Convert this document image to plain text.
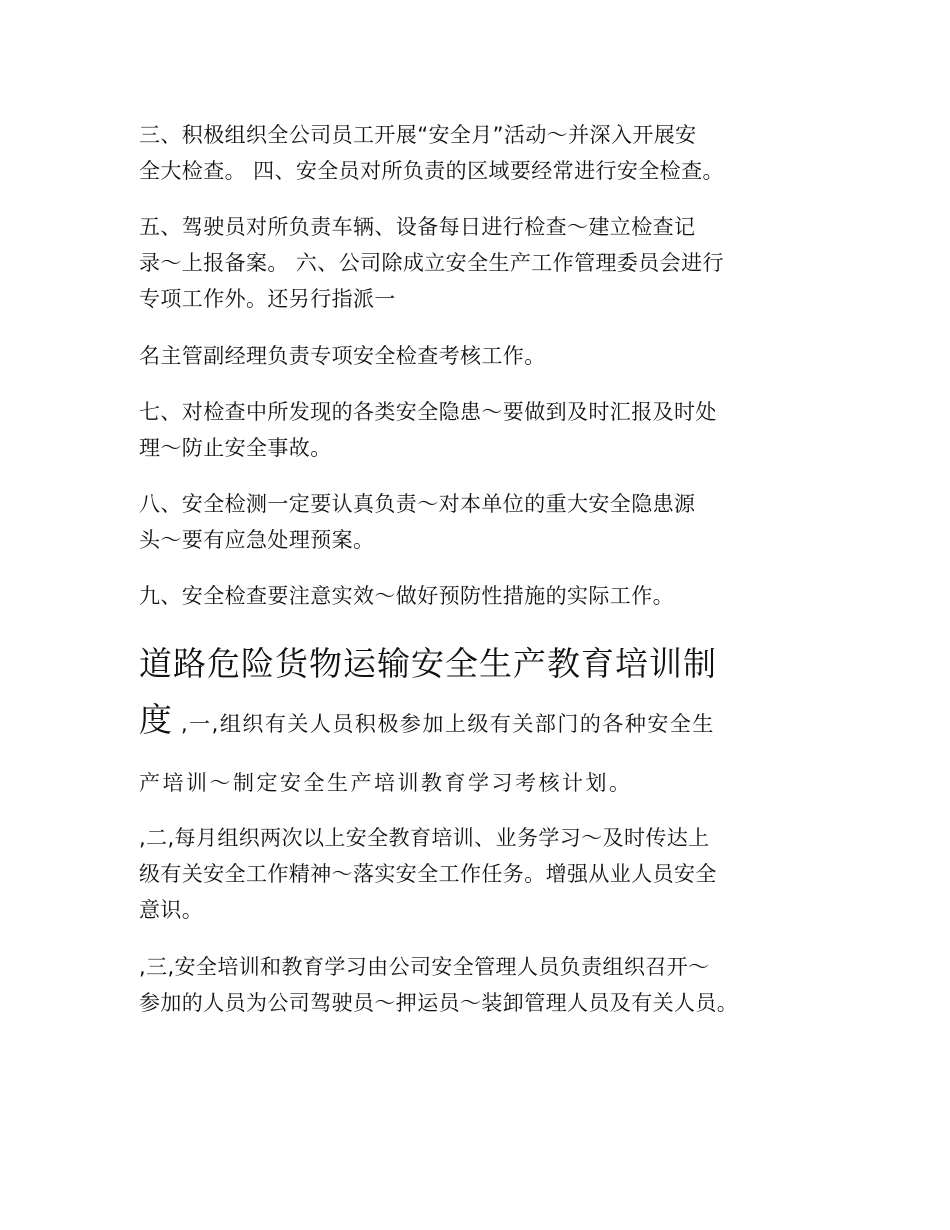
三、积极组织全公司员工开展“安全月”活动～并深入开展安
全大检查。 四、安全员对所负责的区域要经常进行安全检查。

五、驾驶员对所负责车辆、设备每日进行检查～建立检查记
录～上报备案。 六、公司除成立安全生产工作管理委员会进行
专项工作外。还另行指派一

名主管副经理负责专项安全检查考核工作。

七、对检查中所发现的各类安全隐患～要做到及时汇报及时处
理～防止安全事故。

八、安全检测一定要认真负责～对本单位的重大安全隐患源
头～要有应急处理预案。

九、安全检查要注意实效～做好预防性措施的实际工作。

道路危险货物运输安全生产教育培训制
度 ,一,组织有关人员积极参加上级有关部门的各种安全生

产培训～制定安全生产培训教育学习考核计划。

,二,每月组织两次以上安全教育培训、业务学习～及时传达上
级有关安全工作精神～落实安全工作任务。增强从业人员安全
意识。

,三,安全培训和教育学习由公司安全管理人员负责组织召开～
参加的人员为公司驾驶员～押运员～装卸管理人员及有关人员。
